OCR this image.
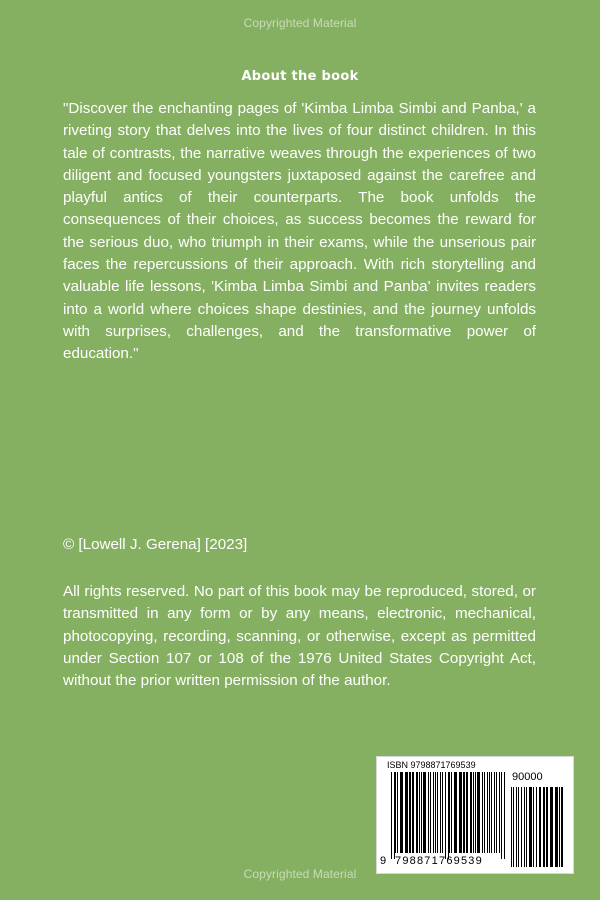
Copyrighted Material
About the book

"Discover the enchanting pages of 'Kimba Limba Simbi and Panba,' a riveting story that delves into the lives of four distinct children. In this tale of contrasts, the narrative weaves through the experiences of two diligent and focused youngsters juxtaposed against the carefree and playful antics of their counterparts. The book unfolds the consequences of their choices, as success becomes the reward for the serious duo, who triumph in their exams, while the unserious pair faces the repercussions of their approach. With rich storytelling and valuable life lessons, 'Kimba Limba Simbi and Panba' invites readers into a world where choices shape destinies, and the journey unfolds with surprises, challenges, and the transformative power of education."

© [Lowell J. Gerena] [2023]

All rights reserved. No part of this book may be reproduced, stored, or transmitted in any form or by any means, electronic, mechanical, photocopying, recording, scanning, or otherwise, except as permitted under Section 107 or 108 of the 1976 United States Copyright Act, without the prior written permission of the author.

ISBN 9798871769539
90000
9 798871 769539
Copyrighted Material
